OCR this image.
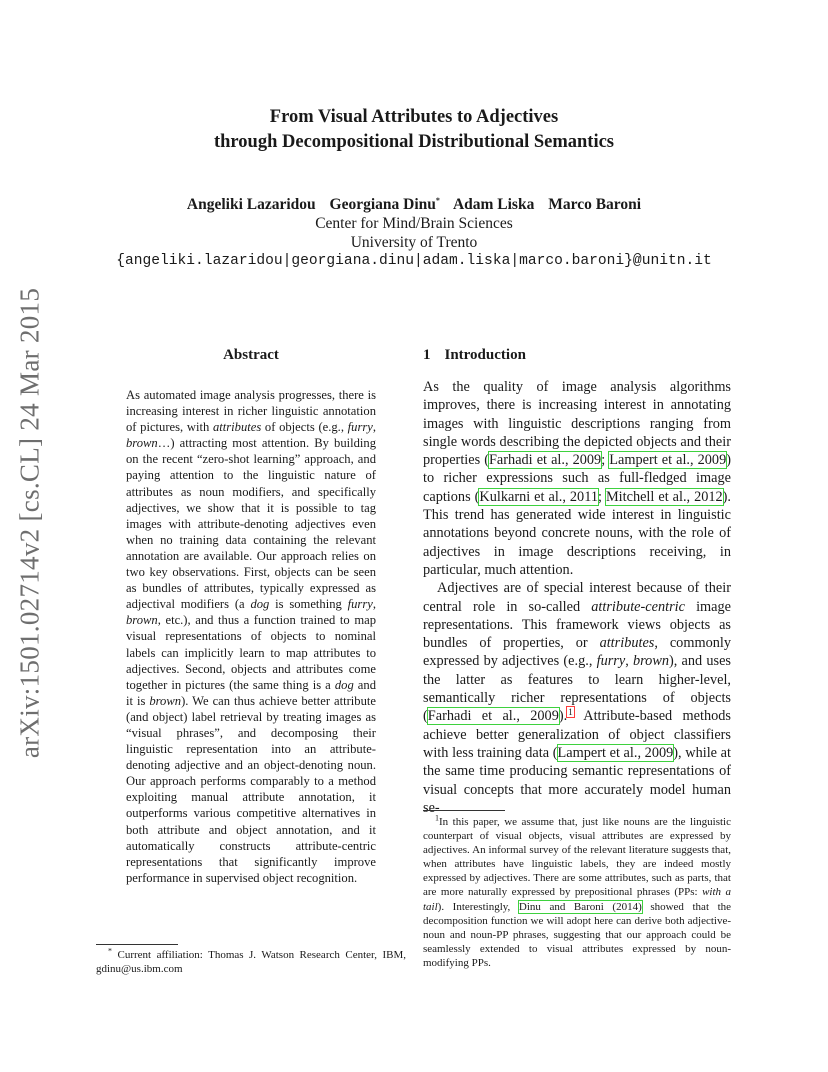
arXiv:1501.02714v2 [cs.CL] 24 Mar 2015
From Visual Attributes to Adjectives
through Decompositional Distributional Semantics
Angeliki Lazaridou Georgiana Dinu* Adam Liska Marco Baroni
Center for Mind/Brain Sciences
University of Trento
{angeliki.lazaridou|georgiana.dinu|adam.liska|marco.baroni}@unitn.it
Abstract
As automated image analysis progresses, there is increasing interest in richer linguistic annotation of pictures, with attributes of objects (e.g., furry, brown…) attracting most attention. By building on the recent “zero-shot learning” approach, and paying attention to the linguistic nature of attributes as noun modifiers, and specifically adjectives, we show that it is possible to tag images with attribute-denoting adjectives even when no training data containing the relevant annotation are available. Our approach relies on two key observations. First, objects can be seen as bundles of attributes, typically expressed as adjectival modifiers (a dog is something furry, brown, etc.), and thus a function trained to map visual representations of objects to nominal labels can implicitly learn to map attributes to adjectives. Second, objects and attributes come together in pictures (the same thing is a dog and it is brown). We can thus achieve better attribute (and object) label retrieval by treating images as “visual phrases”, and decomposing their linguistic representation into an attribute-denoting adjective and an object-denoting noun. Our approach performs comparably to a method exploiting manual attribute annotation, it outperforms various competitive alternatives in both attribute and object annotation, and it automatically constructs attribute-centric representations that significantly improve performance in supervised object recognition.
* Current affiliation: Thomas J. Watson Research Center, IBM, gdinu@us.ibm.com
1 Introduction

As the quality of image analysis algorithms improves, there is increasing interest in annotating images with linguistic descriptions ranging from single words describing the depicted objects and their properties (Farhadi et al., 2009; Lampert et al., 2009) to richer expressions such as full-fledged image captions (Kulkarni et al., 2011; Mitchell et al., 2012). This trend has generated wide interest in linguistic annotations beyond concrete nouns, with the role of adjectives in image descriptions receiving, in particular, much attention.

Adjectives are of special interest because of their central role in so-called attribute-centric image representations. This framework views objects as bundles of properties, or attributes, commonly expressed by adjectives (e.g., furry, brown), and uses the latter as features to learn higher-level, semantically richer representations of objects (Farhadi et al., 2009).$^1$ Attribute-based methods achieve better generalization of object classifiers with less training data (Lampert et al., 2009), while at the same time producing semantic representations of visual concepts that more accurately model human se-

$^1$In this paper, we assume that, just like nouns are the linguistic counterpart of visual objects, visual attributes are expressed by adjectives. An informal survey of the relevant literature suggests that, when attributes have linguistic labels, they are indeed mostly expressed by adjectives. There are some attributes, such as parts, that are more naturally expressed by prepositional phrases (PPs: with a tail). Interestingly, Dinu and Baroni (2014) showed that the decomposition function we will adopt here can derive both adjective-noun and noun-PP phrases, suggesting that our approach could be seamlessly extended to visual attributes expressed by noun-modifying PPs.
